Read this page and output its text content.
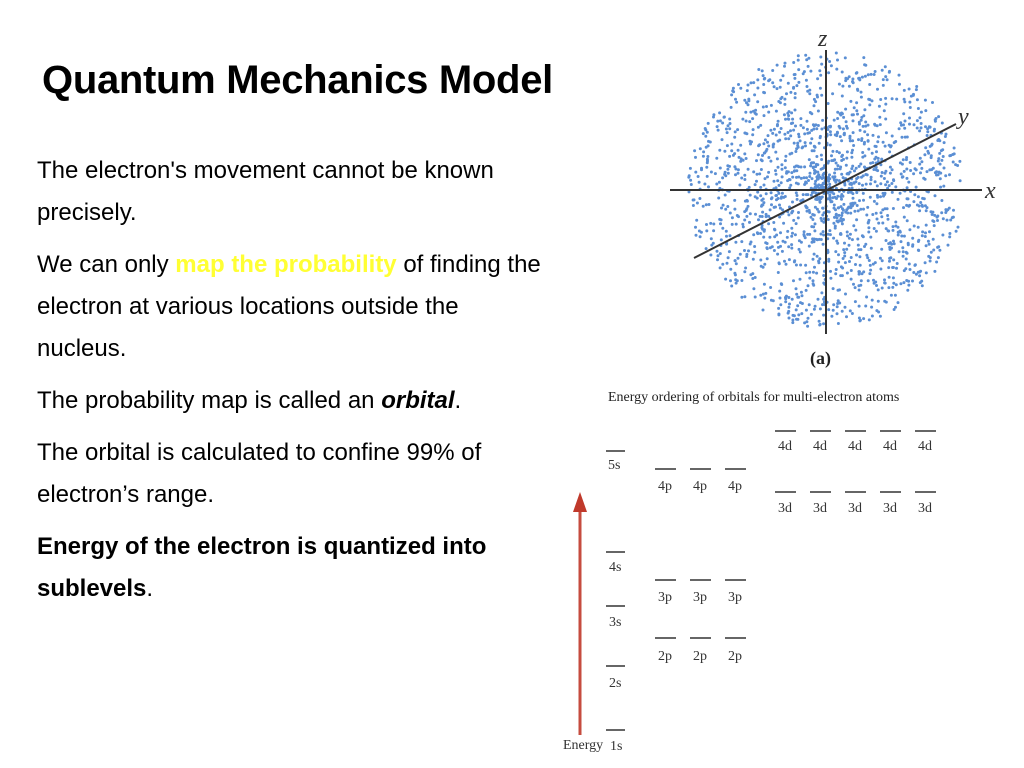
Quantum Mechanics Model

The electron's movement cannot be known precisely.

We can only map the probability of finding the electron at various locations outside the nucleus.

The probability map is called an orbital.

The orbital is calculated to confine 99% of electron’s range.

Energy of the electron is quantized into sublevels.

z
x
y
(a)
Energy ordering of orbitals for multi-electron atoms
Energy
5s
4s
3s
2s
1s
4p 4p 4p
3p 3p 3p
2p 2p 2p
4d 4d 4d 4d 4d
3d 3d 3d 3d 3d
